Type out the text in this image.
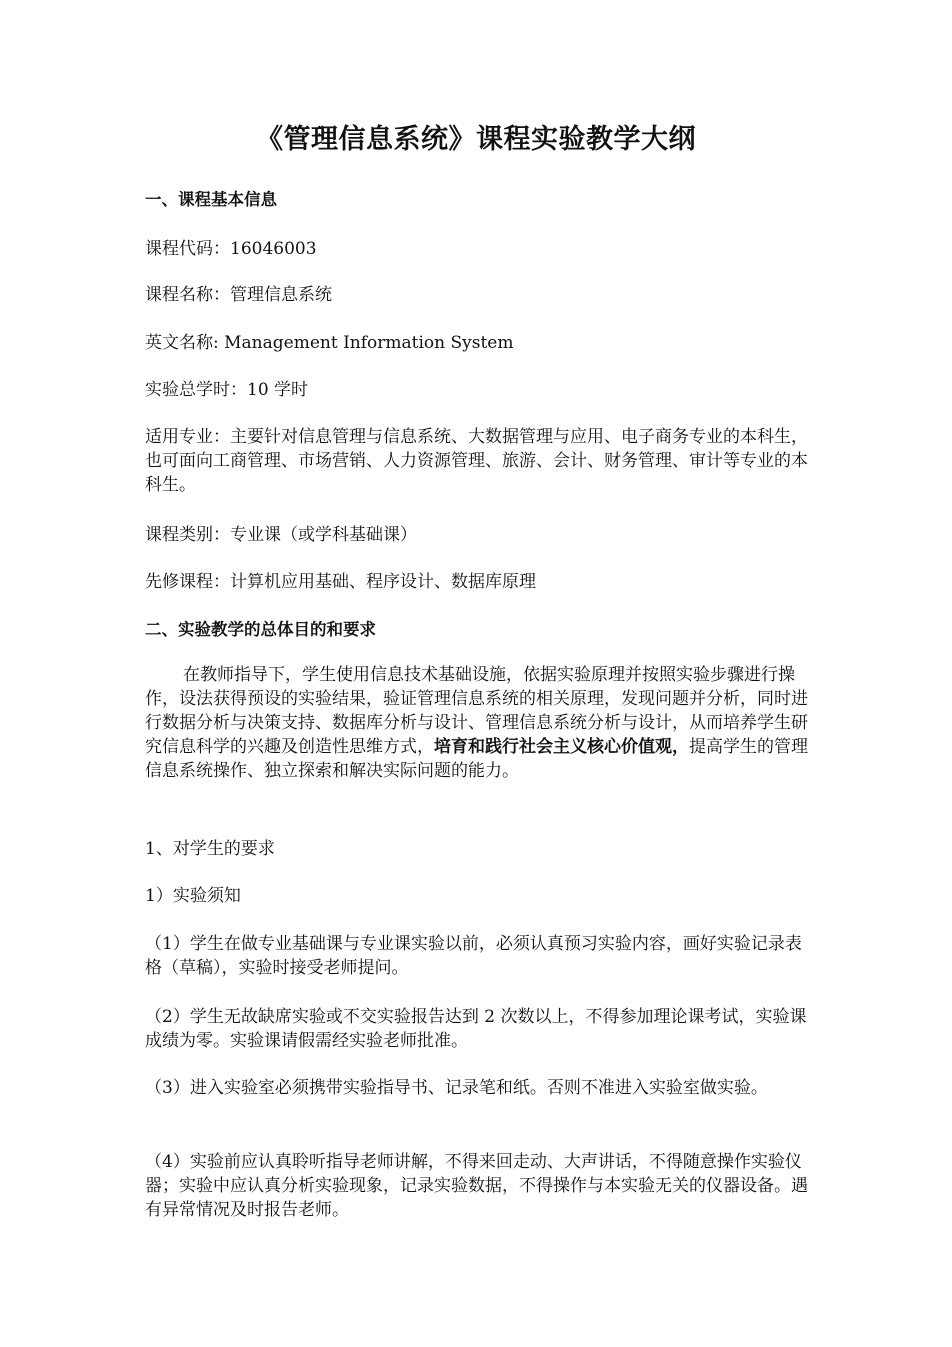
《管理信息系统》课程实验教学大纲

一、课程基本信息

课程代码：16046003

课程名称：管理信息系统

英文名称: Management Information System

实验总学时：10 学时

适用专业：主要针对信息管理与信息系统、大数据管理与应用、电子商务专业的本科生，也可面向工商管理、市场营销、人力资源管理、旅游、会计、财务管理、审计等专业的本科生。

课程类别：专业课（或学科基础课）

先修课程：计算机应用基础、程序设计、数据库原理

二、实验教学的总体目的和要求

在教师指导下，学生使用信息技术基础设施，依据实验原理并按照实验步骤进行操作，设法获得预设的实验结果，验证管理信息系统的相关原理，发现问题并分析，同时进行数据分析与决策支持、数据库分析与设计、管理信息系统分析与设计，从而培养学生研究信息科学的兴趣及创造性思维方式，培育和践行社会主义核心价值观，提高学生的管理信息系统操作、独立探索和解决实际问题的能力。

1、对学生的要求

1）实验须知

（1）学生在做专业基础课与专业课实验以前，必须认真预习实验内容，画好实验记录表格（草稿），实验时接受老师提问。

（2）学生无故缺席实验或不交实验报告达到 2 次数以上，不得参加理论课考试，实验课成绩为零。实验课请假需经实验老师批准。

（3）进入实验室必须携带实验指导书、记录笔和纸。否则不准进入实验室做实验。

（4）实验前应认真聆听指导老师讲解，不得来回走动、大声讲话，不得随意操作实验仪器；实验中应认真分析实验现象，记录实验数据，不得操作与本实验无关的仪器设备。遇有异常情况及时报告老师。
